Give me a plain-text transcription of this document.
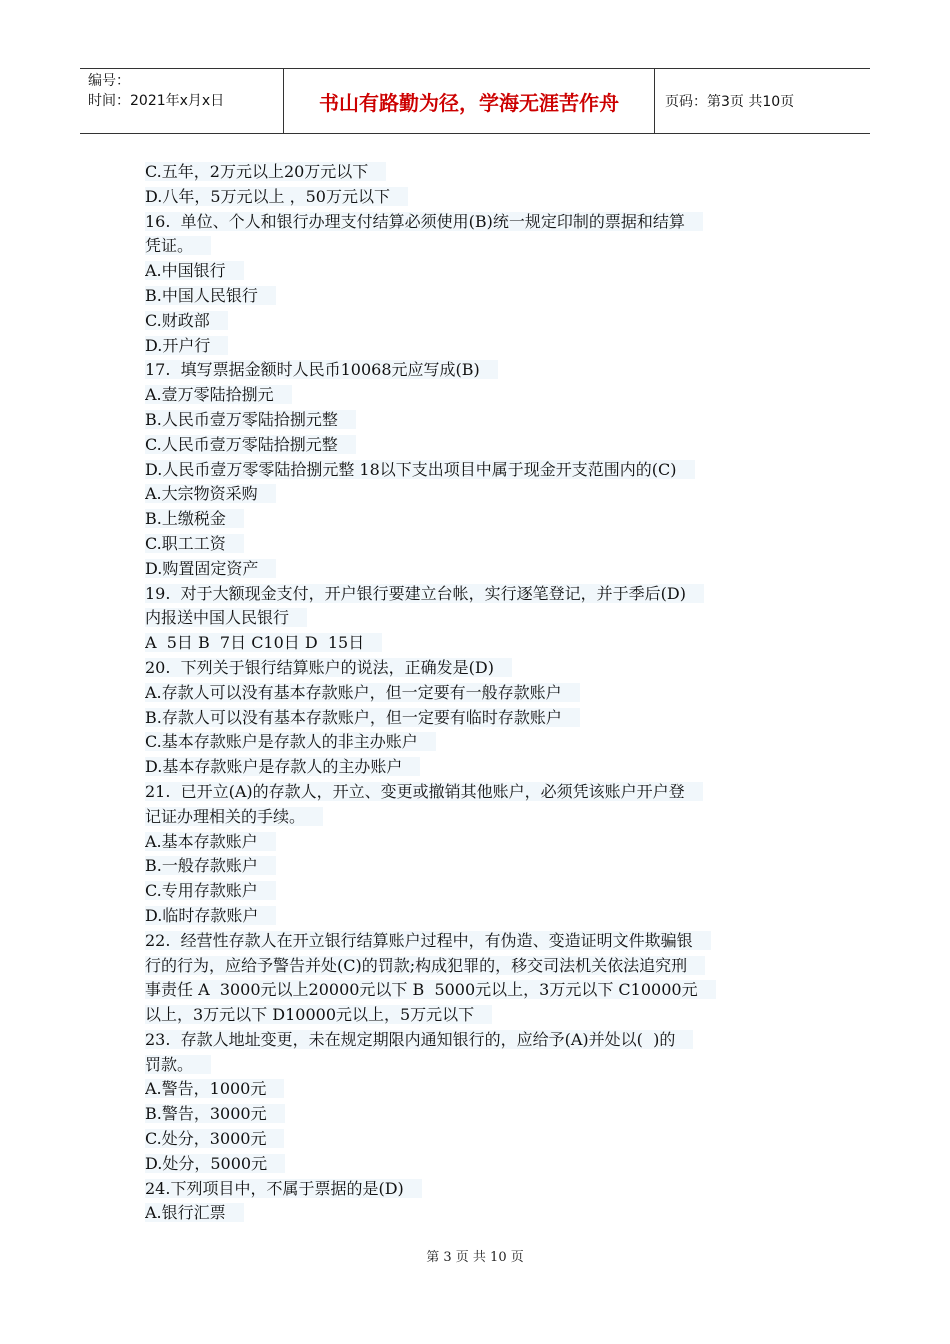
编号：
时间：2021年x月x日	书山有路勤为径，学海无涯苦作舟	页码：第3页 共10页
C.五年，2万元以上20万元以下
D.八年，5万元以上 ，50万元以下
16.  单位、个人和银行办理支付结算必须使用(B)统一规定印制的票据和结算
凭证。
A.中国银行
B.中国人民银行
C.财政部
D.开户行
17.  填写票据金额时人民币10068元应写成(B)
A.壹万零陆拾捌元
B.人民币壹万零陆拾捌元整
C.人民币壹万零陆拾捌元整
D.人民币壹万零零陆拾捌元整 18以下支出项目中属于现金开支范围内的(C)
A.大宗物资采购
B.上缴税金
C.职工工资
D.购置固定资产
19.  对于大额现金支付，开户银行要建立台帐，实行逐笔登记，并于季后(D)
内报送中国人民银行
A  5日 B  7日 C10日 D  15日
20.  下列关于银行结算账户的说法，正确发是(D)
A.存款人可以没有基本存款账户，但一定要有一般存款账户
B.存款人可以没有基本存款账户，但一定要有临时存款账户
C.基本存款账户是存款人的非主办账户
D.基本存款账户是存款人的主办账户
21.  已开立(A)的存款人，开立、变更或撤销其他账户，必须凭该账户开户登
记证办理相关的手续。
A.基本存款账户
B.一般存款账户
C.专用存款账户
D.临时存款账户
22.  经营性存款人在开立银行结算账户过程中，有伪造、变造证明文件欺骗银
行的行为，应给予警告并处(C)的罚款;构成犯罪的，移交司法机关依法追究刑
事责任 A  3000元以上20000元以下 B  5000元以上，3万元以下 C10000元
以上，3万元以下 D10000元以上，5万元以下
23.  存款人地址变更，未在规定期限内通知银行的，应给予(A)并处以(  )的
罚款。
A.警告，1000元
B.警告，3000元
C.处分，3000元
D.处分，5000元
24.下列项目中，不属于票据的是(D)
A.银行汇票
第 3 页 共 10 页
